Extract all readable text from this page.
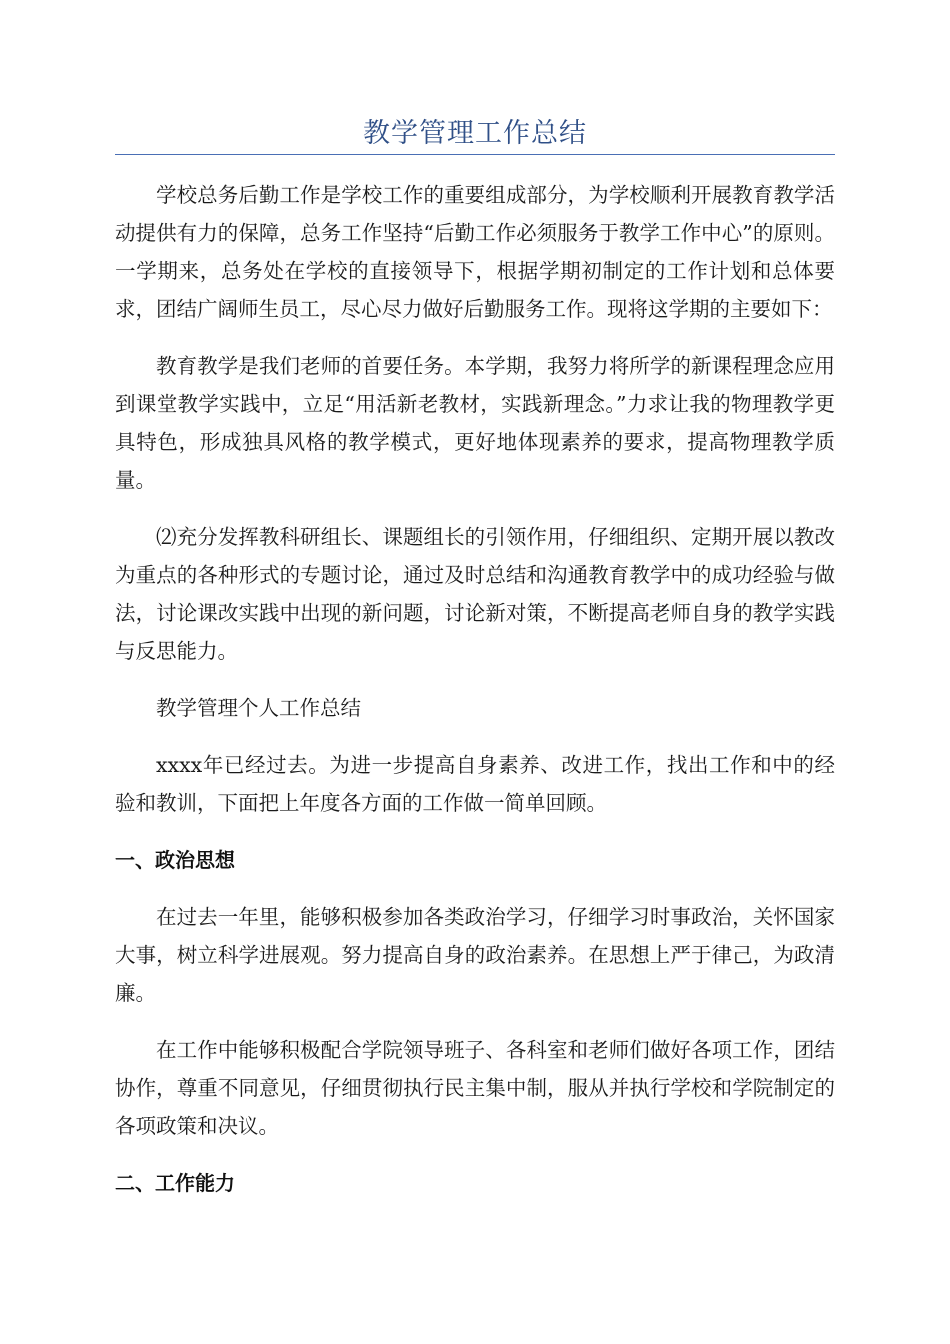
教学管理工作总结

学校总务后勤工作是学校工作的重要组成部分，为学校顺利开展教育教学活动提供有力的保障，总务工作坚持“后勤工作必须服务于教学工作中心”的原则。一学期来，总务处在学校的直接领导下，根据学期初制定的工作计划和总体要求，团结广阔师生员工，尽心尽力做好后勤服务工作。现将这学期的主要如下：

教育教学是我们老师的首要任务。本学期，我努力将所学的新课程理念应用到课堂教学实践中，立足“用活新老教材，实践新理念。”力求让我的物理教学更具特色，形成独具风格的教学模式，更好地体现素养的要求，提高物理教学质量。

⑵充分发挥教科研组长、课题组长的引领作用，仔细组织、定期开展以教改为重点的各种形式的专题讨论，通过及时总结和沟通教育教学中的成功经验与做法，讨论课改实践中出现的新问题，讨论新对策，不断提高老师自身的教学实践与反思能力。

教学管理个人工作总结

xxxx年已经过去。为进一步提高自身素养、改进工作，找出工作和中的经验和教训，下面把上年度各方面的工作做一简单回顾。

一、政治思想

在过去一年里，能够积极参加各类政治学习，仔细学习时事政治，关怀国家大事，树立科学进展观。努力提高自身的政治素养。在思想上严于律己，为政清廉。

在工作中能够积极配合学院领导班子、各科室和老师们做好各项工作，团结协作，尊重不同意见，仔细贯彻执行民主集中制，服从并执行学校和学院制定的各项政策和决议。

二、工作能力
